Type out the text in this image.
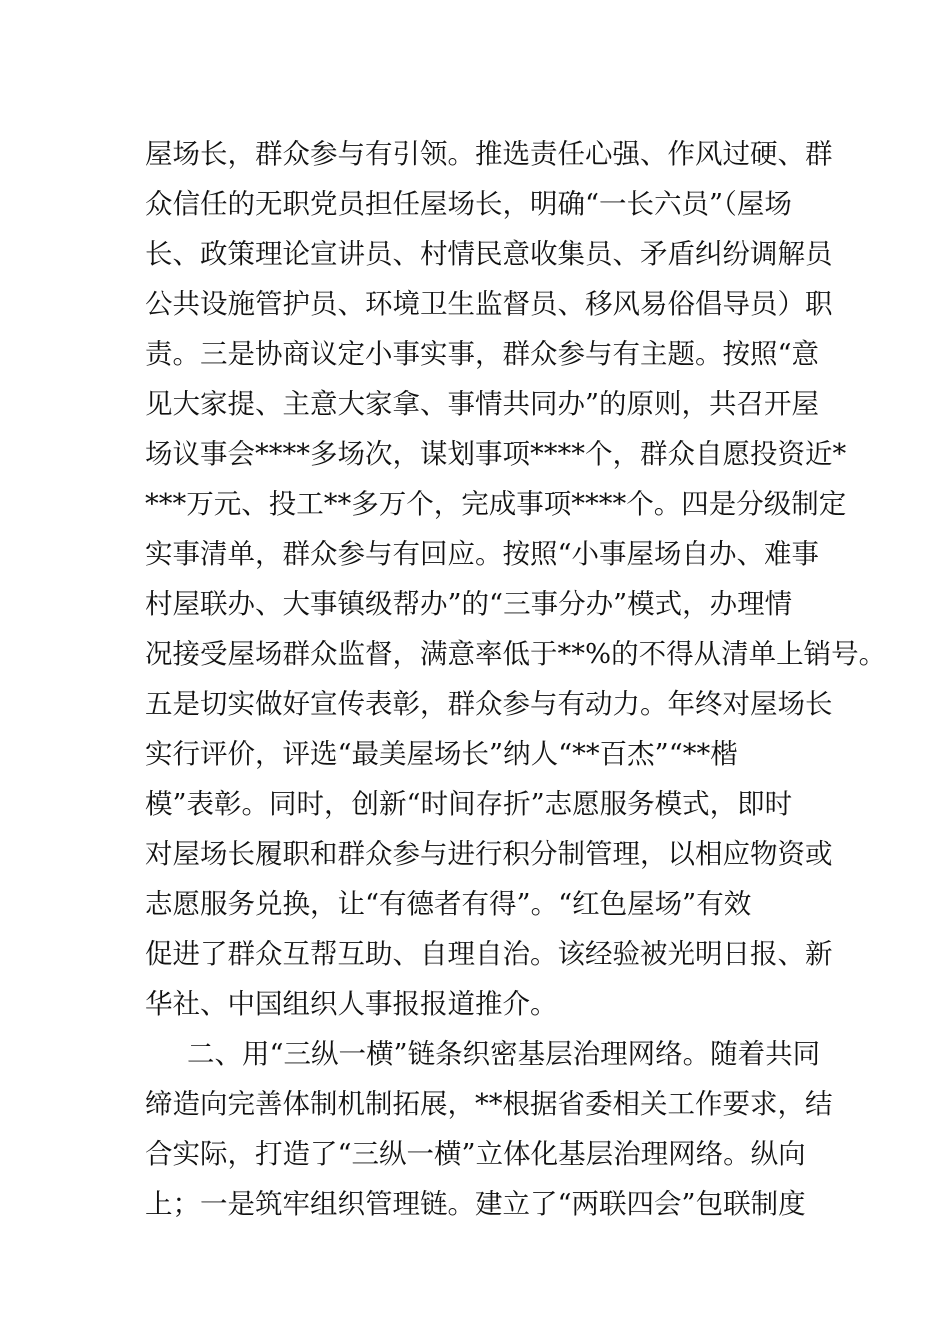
屋场长，群众参与有引领。推选责任心强、作风过硬、群
众信任的无职党员担任屋场长，明确“一长六员”（屋场
长、政策理论宣讲员、村情民意收集员、矛盾纠纷调解员
公共设施管护员、环境卫生监督员、移风易俗倡导员）职
责。三是协商议定小事实事，群众参与有主题。按照“意
见大家提、主意大家拿、事情共同办”的原则，共召开屋
场议事会****多场次，谋划事项****个，群众自愿投资近*
***万元、投工**多万个，完成事项****个。四是分级制定
实事清单，群众参与有回应。按照“小事屋场自办、难事
村屋联办、大事镇级帮办”的“三事分办”模式，办理情
况接受屋场群众监督，满意率低于**%的不得从清单上销号。
五是切实做好宣传表彰，群众参与有动力。年终对屋场长
实行评价，评选“最美屋场长”纳人“**百杰”“**楷
模”表彰。同时，创新“时间存折”志愿服务模式，即时
对屋场长履职和群众参与进行积分制管理，以相应物资或
志愿服务兑换，让“有德者有得”。“红色屋场”有效
促进了群众互帮互助、自理自治。该经验被光明日报、新
华社、中国组织人事报报道推介。
二、用“三纵一横”链条织密基层治理网络。随着共同
缔造向完善体制机制拓展，**根据省委相关工作要求，结
合实际，打造了“三纵一横”立体化基层治理网络。纵向
上；一是筑牢组织管理链。建立了“两联四会”包联制度
